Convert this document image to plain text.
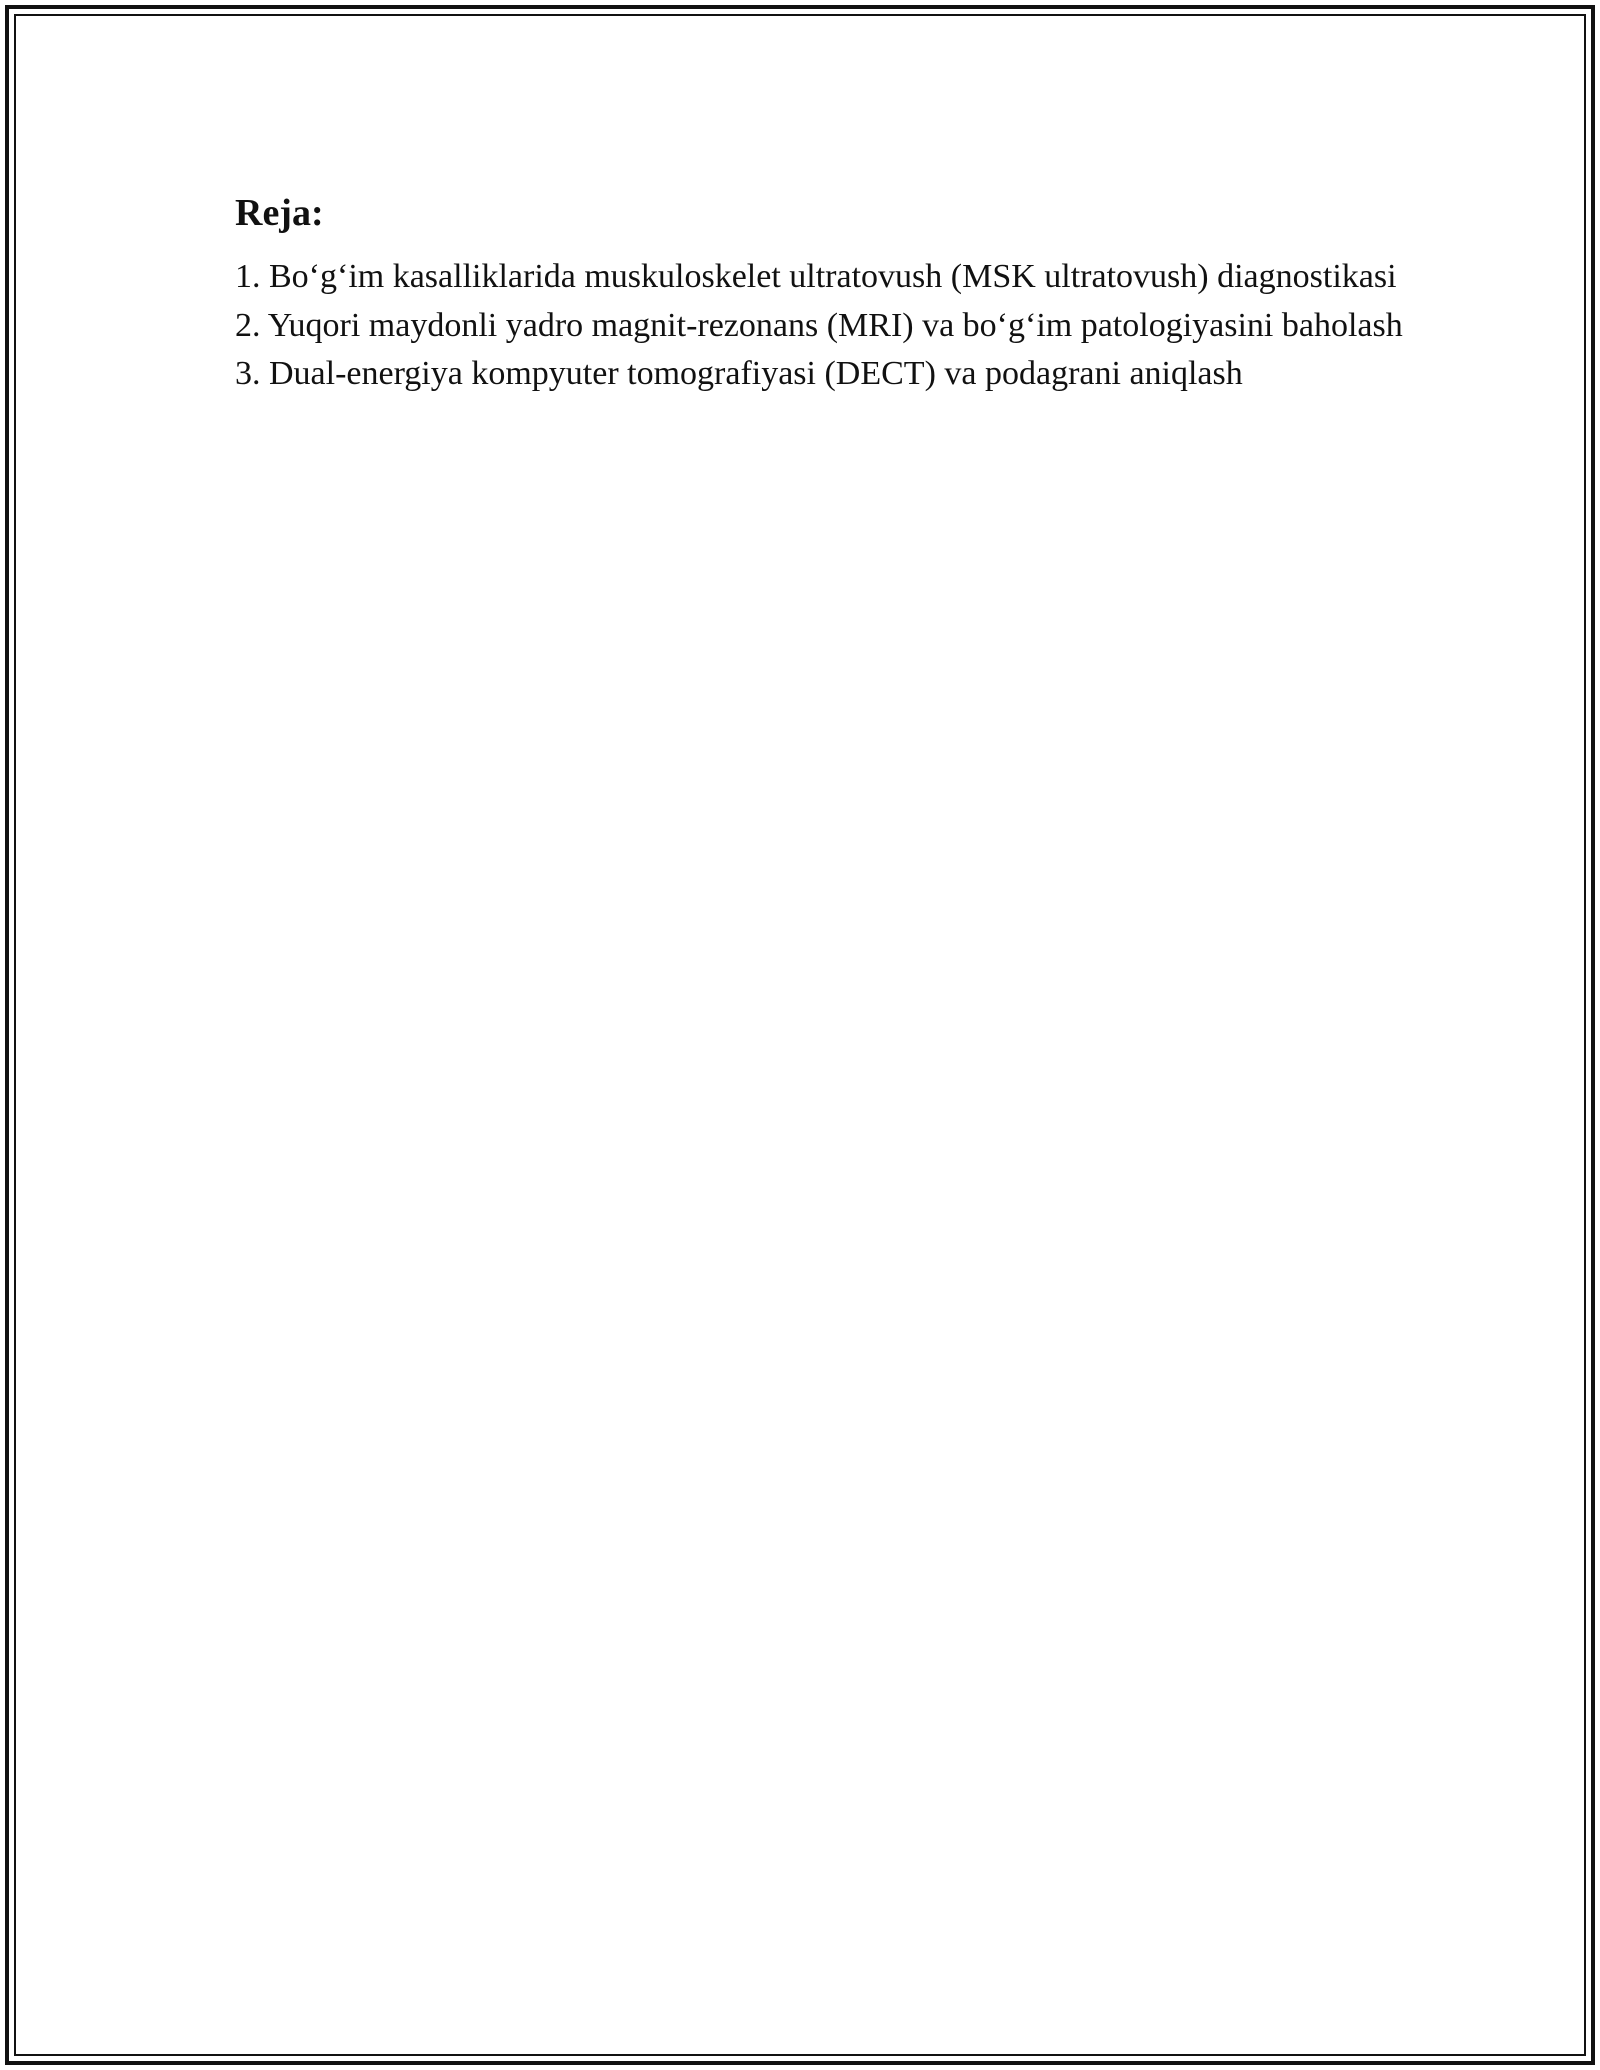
Reja:

1. Bo‘g‘im kasalliklarida muskuloskelet ultratovush (MSK ultratovush) diagnostikasi

2. Yuqori maydonli yadro magnit-rezonans (MRI) va bo‘g‘im patologiyasini baholash

3. Dual-energiya kompyuter tomografiyasi (DECT) va podagrani aniqlash
